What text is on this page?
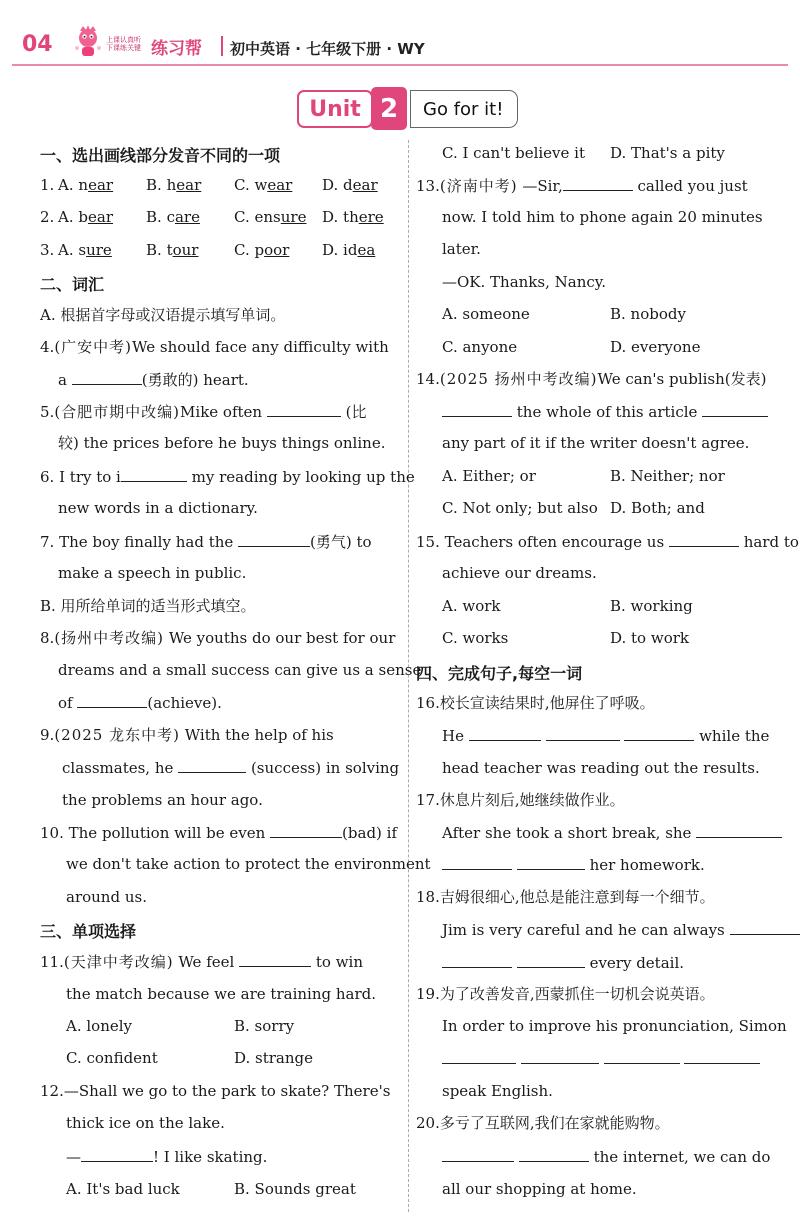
04	上课认真听
下课练关键 练习帮 初中英语 · 七年级下册 · WY
Unit 2	Go for it!
一、选出画线部分发音不同的一项
1. A. near B. hear C. wear D. dear
2. A. bear B. care C. ensure D. there
3. A. sure B. tour C. poor D. idea
二、词汇
A. 根据首字母或汉语提示填写单词。
4.(广安中考)We should face any difficulty with
a	(勇敢的) heart.
5.(合肥市期中改编)Mike often	(比
较) the prices before he buys things online.
6. I try to i	my reading by looking up the
new words in a dictionary.
7. The boy finally had the	(勇气) to
make a speech in public.
B. 用所给单词的适当形式填空。
8.(扬州中考改编) We youths do our best for our
dreams and a small success can give us a sense
of	(achieve).
9.(2025 龙东中考) With the help of his
classmates, he	(success) in solving
the problems an hour ago.
10. The pollution will be even	(bad) if
we don't take action to protect the environment
around us.
三、单项选择
11.(天津中考改编) We feel	to win
the match because we are training hard.
A. lonely	B. sorry
C. confident	D. strange
12.—Shall we go to the park to skate? There's
thick ice on the lake.
—	! I like skating.
A. It's bad luck	B. Sounds great
C. I can't believe it D. That's a pity
13.(济南中考) —Sir,	called you just
now. I told him to phone again 20 minutes
later.
—OK. Thanks, Nancy.
A. someone	B. nobody
C. anyone	D. everyone
14.(2025 扬州中考改编)We can's publish(发表)
the whole of this article
any part of it if the writer doesn't agree.
A. Either; or	B. Neither; nor
C. Not only; but also D. Both; and
15. Teachers often encourage us	hard to
achieve our dreams.
A. work	B. working
C. works	D. to work
四、完成句子,每空一词
16.校长宣读结果时,他屏住了呼吸。
He	while the
head teacher was reading out the results.
17.休息片刻后,她继续做作业。
After she took a short break, she
her homework.
18.吉姆很细心,他总是能注意到每一个细节。
Jim is very careful and he can always
every detail.
19.为了改善发音,西蒙抓住一切机会说英语。
In order to improve his pronunciation, Simon

speak English.
20.多亏了互联网,我们在家就能购物。
the internet, we can do
all our shopping at home.
